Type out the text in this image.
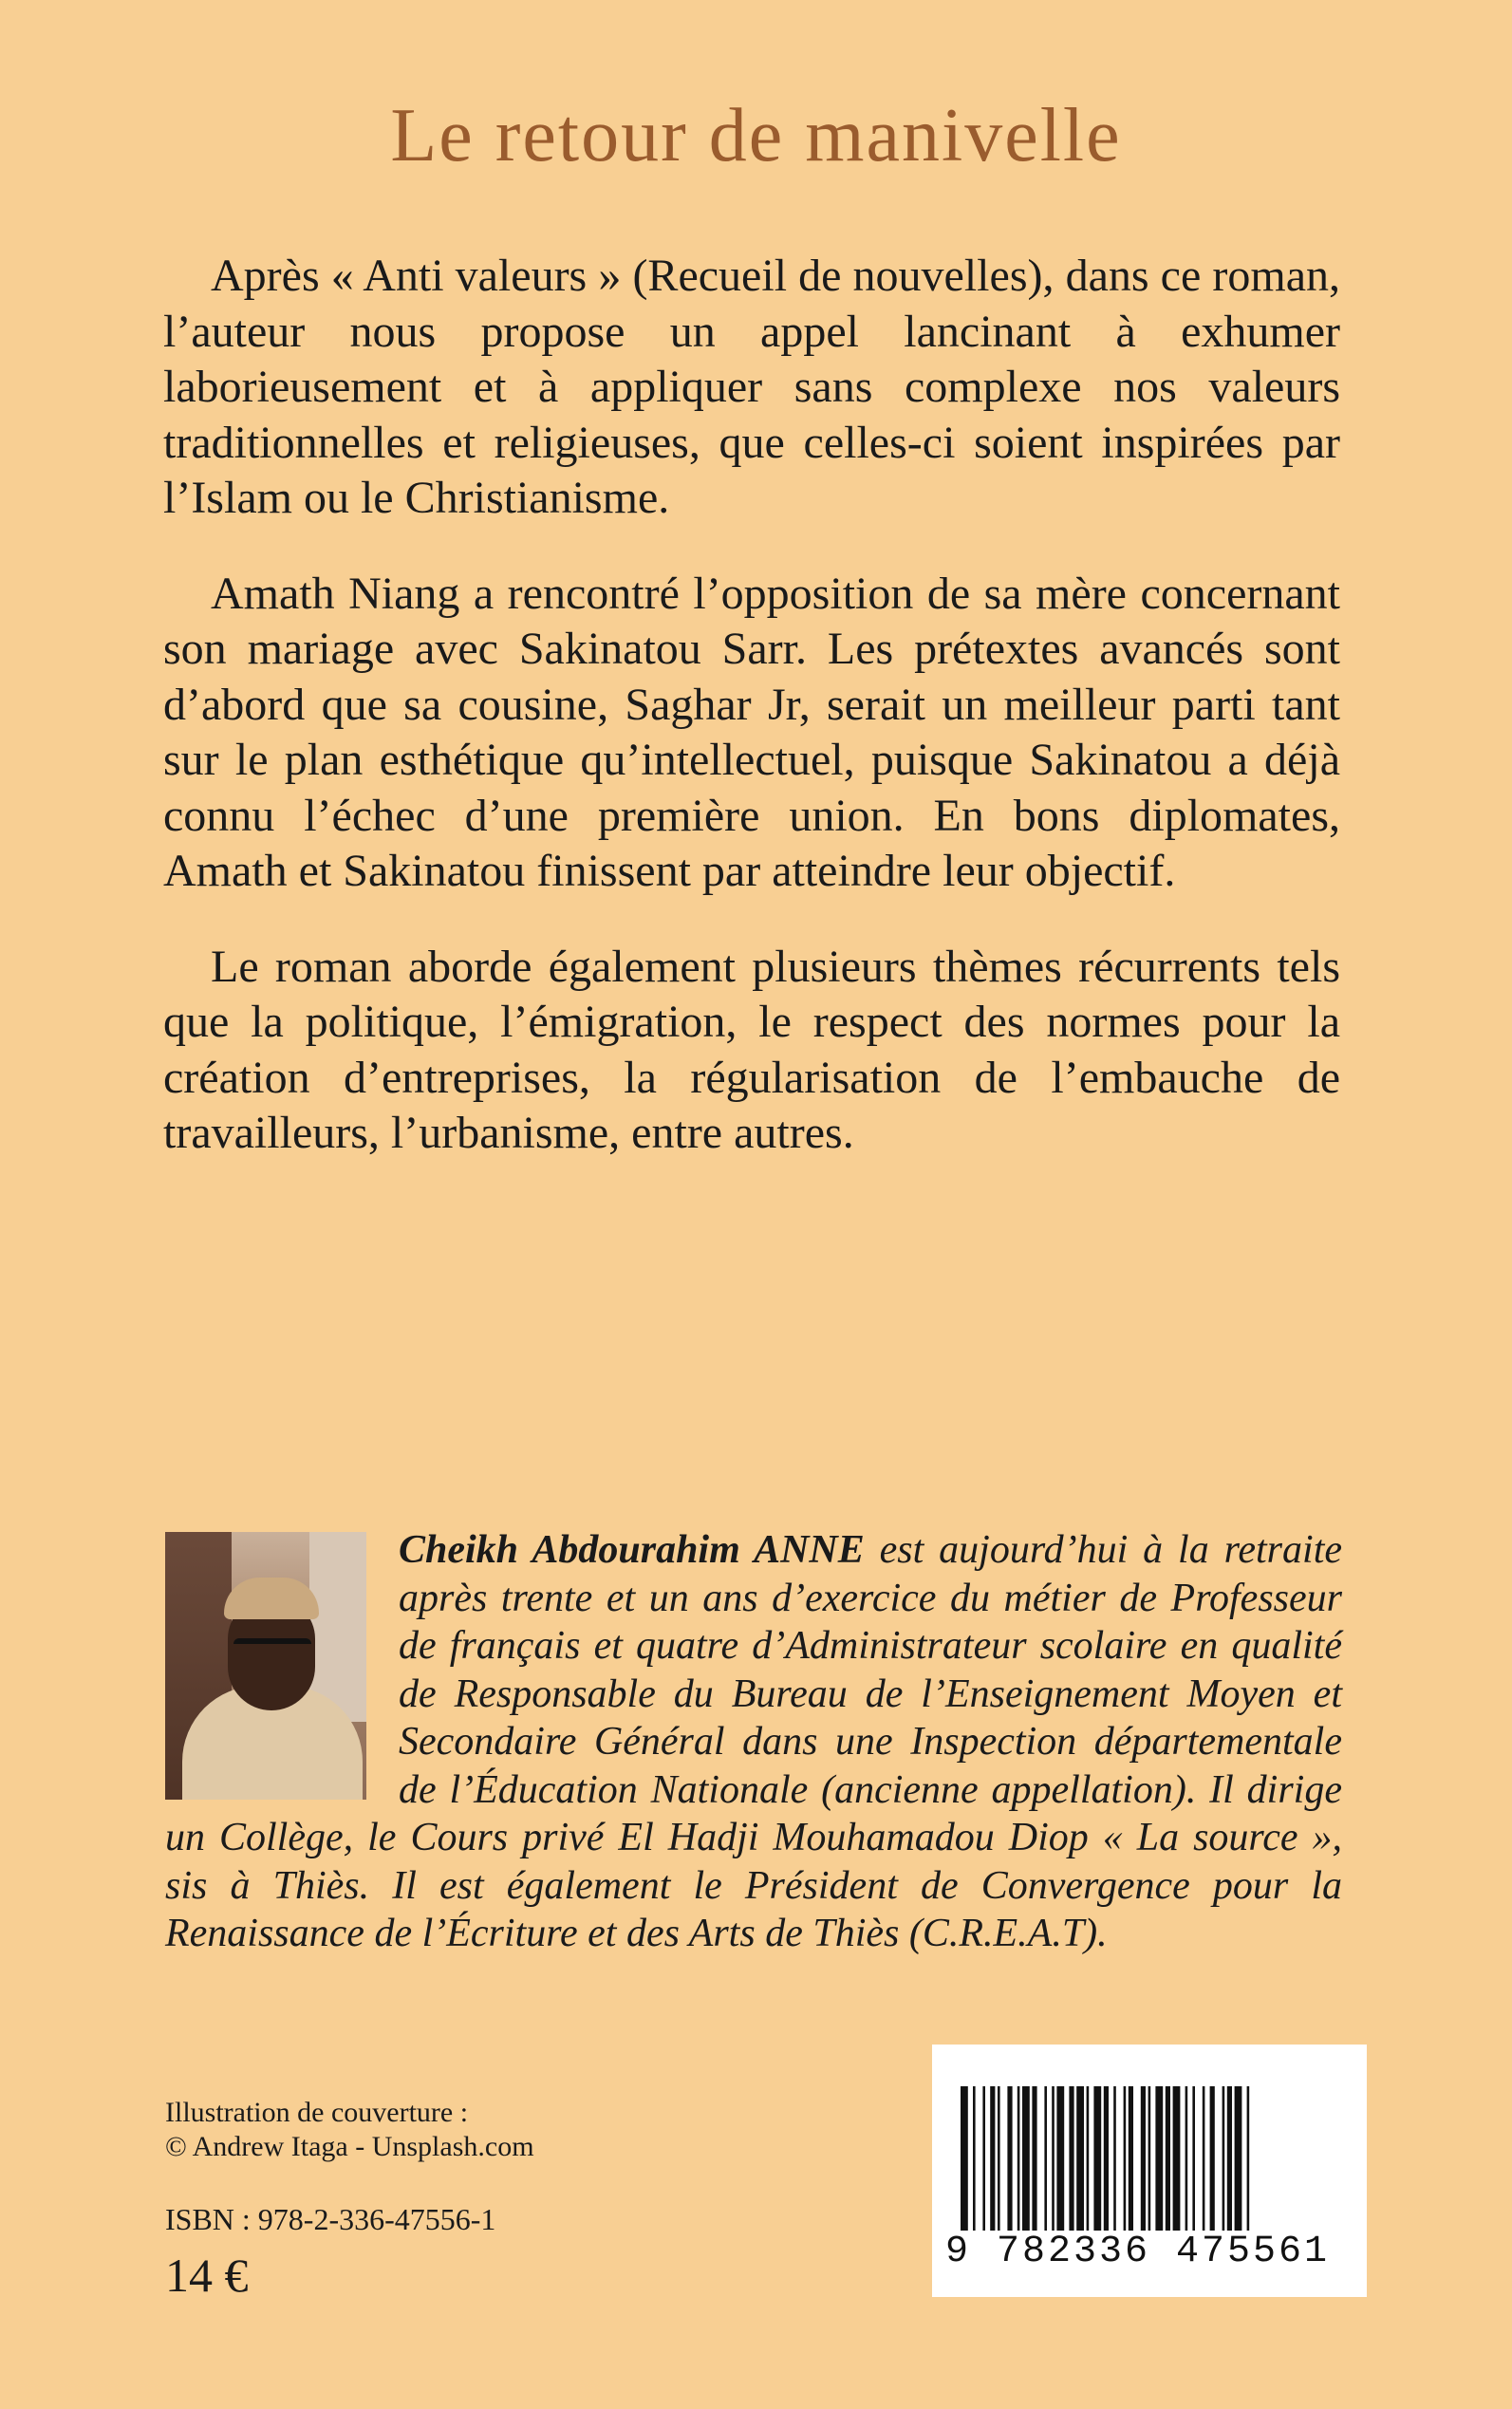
Le retour de manivelle

Après « Anti valeurs » (Recueil de nouvelles), dans ce roman, l’auteur nous propose un appel lancinant à exhumer laborieusement et à appliquer sans complexe nos valeurs traditionnelles et religieuses, que celles-ci soient inspirées par l’Islam ou le Christianisme.

Amath Niang a rencontré l’opposition de sa mère concernant son mariage avec Sakinatou Sarr. Les prétextes avancés sont d’abord que sa cousine, Saghar Jr, serait un meilleur parti tant sur le plan esthétique qu’intellectuel, puisque Sakinatou a déjà connu l’échec d’une première union. En bons diplomates, Amath et Sakinatou finissent par atteindre leur objectif.

Le roman aborde également plusieurs thèmes récurrents tels que la politique, l’émigration, le respect des normes pour la création d’entreprises, la régularisation de l’embauche de travailleurs, l’urbanisme, entre autres.

Cheikh Abdourahim ANNE est aujourd’hui à la retraite après trente et un ans d’exercice du métier de Professeur de français et quatre d’Administrateur scolaire en qualité de Responsable du Bureau de l’Enseignement Moyen et Secondaire Général dans une Inspection départementale de l’Éducation Nationale (ancienne appellation). Il dirige un Collège, le Cours privé El Hadji Mouhamadou Diop « La source », sis à Thiès. Il est également le Président de Convergence pour la Renaissance de l’Écriture et des Arts de Thiès (C.R.E.A.T).

Illustration de couverture :
© Andrew Itaga - Unsplash.com
ISBN : 978-2-336-47556-1
14 €	9 782336 475561
